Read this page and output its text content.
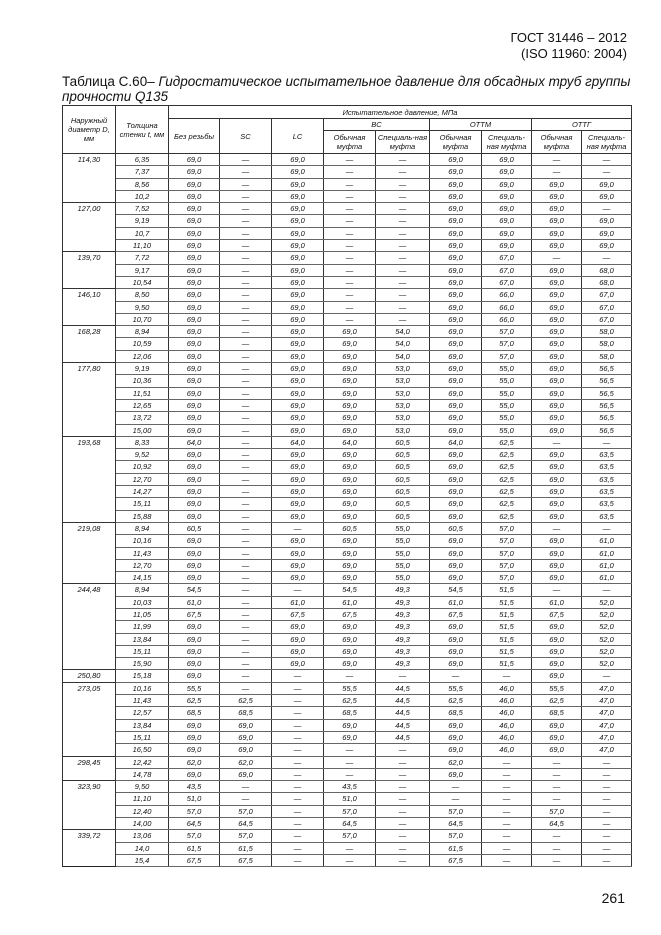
ГОСТ 31446 – 2012
(ISO 11960: 2004)
Таблица С.60– Гидростатическое испытательное давление для обсадных труб группы прочности Q135
Наружный диаметр D, мм	Толщина стенки t, мм	Испытательное давление, МПа								
		Без резьбы	SC	LC	BC		ОТТМ		ОТТГ	
					Обычная муфта	Специаль-ная муфта	Обычная муфта	Специаль-ная муфта	Обычная муфта	Специаль-ная муфта
114,30	6,35	69,0	—	69,0	—	—	69,0	69,0	—	—
	7,37	69,0	—	69,0	—	—	69,0	69,0	—	—
	8,56	69,0	—	69,0	—	—	69,0	69,0	69,0	69,0
	10,2	69,0	—	69,0	—	—	69,0	69,0	69,0	69,0
127,00	7,52	69,0	—	69,0	—	—	69,0	69,0	69,0	—
	9,19	69,0	—	69,0	—	—	69,0	69,0	69,0	69,0
	10,7	69,0	—	69,0	—	—	69,0	69,0	69,0	69,0
	11,10	69,0	—	69,0	—	—	69,0	69,0	69,0	69,0
139,70	7,72	69,0	—	69,0	—	—	69,0	67,0	—	—
	9,17	69,0	—	69,0	—	—	69,0	67,0	69,0	68,0
	10,54	69,0	—	69,0	—	—	69,0	67,0	69,0	68,0
146,10	8,50	69,0	—	69,0	—	—	69,0	66,0	69,0	67,0
	9,50	69,0	—	69,0	—	—	69,0	66,0	69,0	67,0
	10,70	69,0	—	69,0	—	—	69,0	66,0	69,0	67,0
168,28	8,94	69,0	—	69,0	69,0	54,0	69,0	57,0	69,0	58,0
	10,59	69,0	—	69,0	69,0	54,0	69,0	57,0	69,0	58,0
	12,06	69,0	—	69,0	69,0	54,0	69,0	57,0	69,0	58,0
177,80	9,19	69,0	—	69,0	69,0	53,0	69,0	55,0	69,0	56,5
	10,36	69,0	—	69,0	69,0	53,0	69,0	55,0	69,0	56,5
	11,51	69,0	—	69,0	69,0	53,0	69,0	55,0	69,0	56,5
	12,65	69,0	—	69,0	69,0	53,0	69,0	55,0	69,0	56,5
	13,72	69,0	—	69,0	69,0	53,0	69,0	55,0	69,0	56,5
	15,00	69,0	—	69,0	69,0	53,0	69,0	55,0	69,0	56,5
193,68	8,33	64,0	—	64,0	64,0	60,5	64,0	62,5	—	—
	9,52	69,0	—	69,0	69,0	60,5	69,0	62,5	69,0	63,5
	10,92	69,0	—	69,0	69,0	60,5	69,0	62,5	69,0	63,5
	12,70	69,0	—	69,0	69,0	60,5	69,0	62,5	69,0	63,5
	14,27	69,0	—	69,0	69,0	60,5	69,0	62,5	69,0	63,5
	15,11	69,0	—	69,0	69,0	60,5	69,0	62,5	69,0	63,5
	15,88	69,0	—	69,0	69,0	60,5	69,0	62,5	69,0	63,5
219,08	8,94	60,5	—	—	60,5	55,0	60,5	57,0	—	—
	10,16	69,0	—	69,0	69,0	55,0	69,0	57,0	69,0	61,0
	11,43	69,0	—	69,0	69,0	55,0	69,0	57,0	69,0	61,0
	12,70	69,0	—	69,0	69,0	55,0	69,0	57,0	69,0	61,0
	14,15	69,0	—	69,0	69,0	55,0	69,0	57,0	69,0	61,0
244,48	8,94	54,5	—	—	54,5	49,3	54,5	51,5	—	—
	10,03	61,0	—	61,0	61,0	49,3	61,0	51,5	61,0	52,0
	11,05	67,5	—	67,5	67,5	49,3	67,5	51,5	67,5	52,0
	11,99	69,0	—	69,0	69,0	49,3	69,0	51,5	69,0	52,0
	13,84	69,0	—	69,0	69,0	49,3	69,0	51,5	69,0	52,0
	15,11	69,0	—	69,0	69,0	49,3	69,0	51,5	69,0	52,0
	15,90	69,0	—	69,0	69,0	49,3	69,0	51,5	69,0	52,0
250,80	15,18	69,0	—	—	—	—	—	—	69,0	—
273,05	10,16	55,5	—	—	55,5	44,5	55,5	46,0	55,5	47,0
	11,43	62,5	62,5	—	62,5	44,5	62,5	46,0	62,5	47,0
	12,57	68,5	68,5	—	68,5	44,5	68,5	46,0	68,5	47,0
	13,84	69,0	69,0	—	69,0	44,5	69,0	46,0	69,0	47,0
	15,11	69,0	69,0	—	69,0	44,5	69,0	46,0	69,0	47,0
	16,50	69,0	69,0	—	—	—	69,0	46,0	69,0	47,0
298,45	12,42	62,0	62,0	—	—	—	62,0	—	—	—
	14,78	69,0	69,0	—	—	—	69,0	—	—	—
323,90	9,50	43,5	—	—	43,5	—	—	—	—	—
	11,10	51,0	—	—	51,0	—	—	—	—	—
	12,40	57,0	57,0	—	57,0	—	57,0	—	57,0	—
	14,00	64,5	64,5	—	64,5	—	64,5	—	64,5	—
339,72	13,06	57,0	57,0	—	57,0	—	57,0	—	—	—
	14,0	61,5	61,5	—	—	—	61,5	—	—	—
	15,4	67,5	67,5	—	—	—	67,5	—	—	—
261
